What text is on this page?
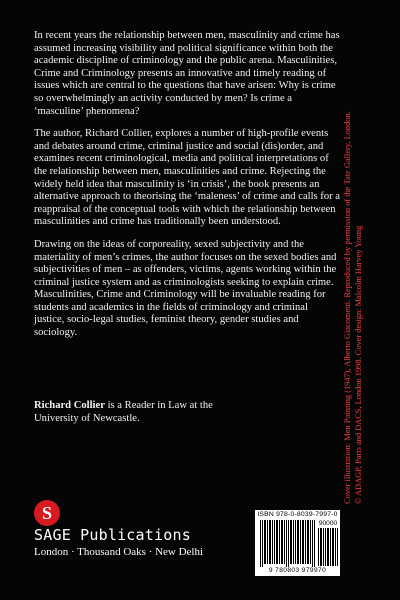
In recent years the relationship between men, masculinity and crime has assumed increasing visibility and political significance within both the academic discipline of criminology and the public arena. Masculinities, Crime and Criminology presents an innovative and timely reading of issues which are central to the questions that have arisen: Why is crime so overwhelmingly an activity conducted by men? Is crime a ‘masculine’ phenomena?

The author, Richard Collier, explores a number of high-profile events and debates around crime, criminal justice and social (dis)order, and examines recent criminological, media and political interpretations of the relationship between men, masculinities and crime. Rejecting the widely held idea that masculinity is ‘in crisis’, the book presents an alternative approach to theorising the ‘maleness’ of crime and calls for a reappraisal of the conceptual tools with which the relationship between masculinities and crime has traditionally been understood.

Drawing on the ideas of corporeality, sexed subjectivity and the materiality of men’s crimes, the author focuses on the sexed bodies and subjectivities of men – as offenders, victims, agents working within the criminal justice system and as criminologists seeking to explain crime. Masculinities, Crime and Criminology will be invaluable reading for students and academics in the fields of criminology and criminal justice, socio-legal studies, feminist theory, gender studies and sociology.

Richard Collier is a Reader in Law at the University of Newcastle.	Cover illustration: Men Pointing (1947), Alberto Giacometti. Reproduced by permission of the Tate Gallery, London. © ADAGP, Paris and DACS, London 1998. Cover design: Malcolm Harvey Young
S
SAGE Publications
London · Thousand Oaks · New Delhi
ISBN 978-0-8039-7997-0
90000
9 780803 979970
